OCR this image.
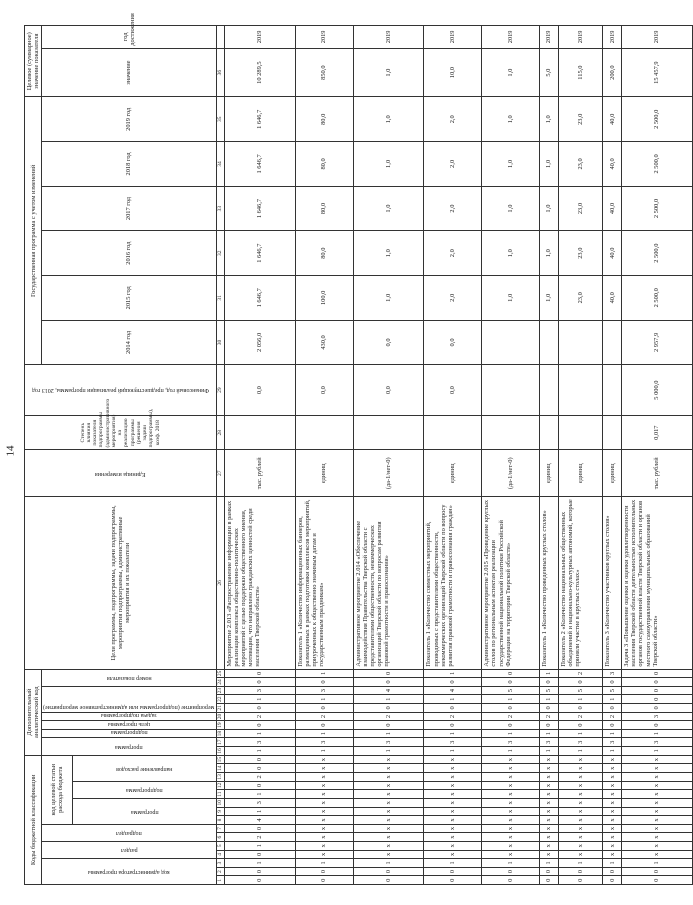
14
Коды бюджетной классификации															Дополнительный аналитический код										Цели программы, подпрограммы, задачи подпрограммы, мероприятия подпрограммы, административные мероприятия и их показатели	Единица измерения	Степень влияния показателя подпрограммы (административного мероприятия) на реализацию программы (решения задачи подпрограммы), коэф. 2018	Финансовый год, предшествующий реализации программы, 2013 год	Государственная программа с учетом изменений						Целевое (суммарное) значение показателя	

код администратора программы			раздел		подраздел		код целевой статьи расхода бюджета								программа		подпрограмма	цель программы	задача подпрограммы	мероприятие (подпрограммы или административное мероприятие)			номер показателя						2014 год	2015 год	2016 год	2017 год	2018 год	2019 год	значение	год достижения

							программа			подпрограмма		направление расходов																								

1	2	3	4	5	6	7	8	9	10	11	12	13	14	15	16	17	18	19	20	21	22	23	24	25	26	27	28	29	30	31	32	33	34	35	36	
0	0	1	0	1	2	0	4	1	3	1	0	2	0	0	1	3	1	0	2	0	1	3	0	0	Мероприятие 2.013 «Распространение информации в рамках реализации комплекса общественно-политических мероприятий с целью поддержки общественного мнения, мотивации, что направлено гражданских ценностей среди населения Тверской области»	тыс. рублей		0,0	2 056,0	1 646,7	1 646,7	1 646,7	1 646,7	1 646,7	10 289,5	2019
0	0	1	x	x	x	x	x	x	x	x	x	x	x	x	1	3	1	0	2	0	1	3	0	1	Показатель 1 «Количество информационных баннеров, размещенных в рамках подготовки комплексов мероприятий, приуроченных к общественно значимым датам и государственным праздникам»	единиц		0,0	430,0	100,0	80,0	80,0	80,0	80,0	850,0	2019
0	0	1	x	x	x	x	x	x	x	x	x	x	x	x	1	3	1	0	2	0	1	4	0	0	Административное мероприятие 2.014 «Обеспечение взаимодействия Правительства Тверской области с представителями общественности, некоммерческих организаций Тверской области по вопросам развития правовой грамотности и правосознания»	(да-1/нет-0)		0,0	0,0	1,0	1,0	1,0	1,0	1,0	1,0	2019
0	0	1	x	x	x	x	x	x	x	x	x	x	x	x	1	3	1	0	2	0	1	4	0	1	Показатель 1 «Количество совместных мероприятий, проводимых с представителями общественности, некоммерческих организаций Тверской области по вопросу развития правовой грамотности и правосознания граждан»	единиц		0,0	0,0	2,0	2,0	2,0	2,0	2,0	10,0	2019
0	0	1	x	x	x	x	x	x	x	x	x	x	x	x	1	3	1	0	2	0	1	5	0	0	Административное мероприятие 2.015 «Проведение круглых столов по региональным аспектам реализации государственной национальной политики Российской Федерации на территории Тверской области»	(да-1/нет-0)				1,0	1,0	1,0	1,0	1,0	1,0	2019
0	0	1	x	x	x	x	x	x	x	x	x	x	x	x	1	3	1	0	2	0	1	5	0	1	Показатель 1 «Количество проведенных круглых столов»	единиц				1,0	1,0	1,0	1,0	1,0	5,0	2019
0	0	1	x	x	x	x	x	x	x	x	x	x	x	x	1	3	1	0	2	0	1	5	0	2	Показатель 2 «Количество национальных общественных объединений и национально-культурных автономий, которые приняли участие в круглых столах»	единиц				23,0	23,0	23,0	23,0	23,0	115,0	2019
0	0	1	x	x	x	x	x	x	x	x	x	x	x	x	1	3	1	0	2	0	1	5	0	3	Показатель 3 «Количество участников круглых столов»	единиц				40,0	40,0	40,0	40,0	40,0	200,0	2019
0	0	1	x	x	x	x	x	x	x	x	x	x	x	x	1	3	1	0	3	0	0	0	0	0	Задача 3 «Повышение оценки и оценки удовлетворенности населения Тверской области деятельностью исполнительных органов государственной власти Тверской области и органов местного самоуправления муниципальных образований Тверской области»	тыс. рублей	0,017	5 000,0	2 957,9	2 500,0	2 500,0	2 500,0	2 500,0	2 500,0	15 457,9	2019
